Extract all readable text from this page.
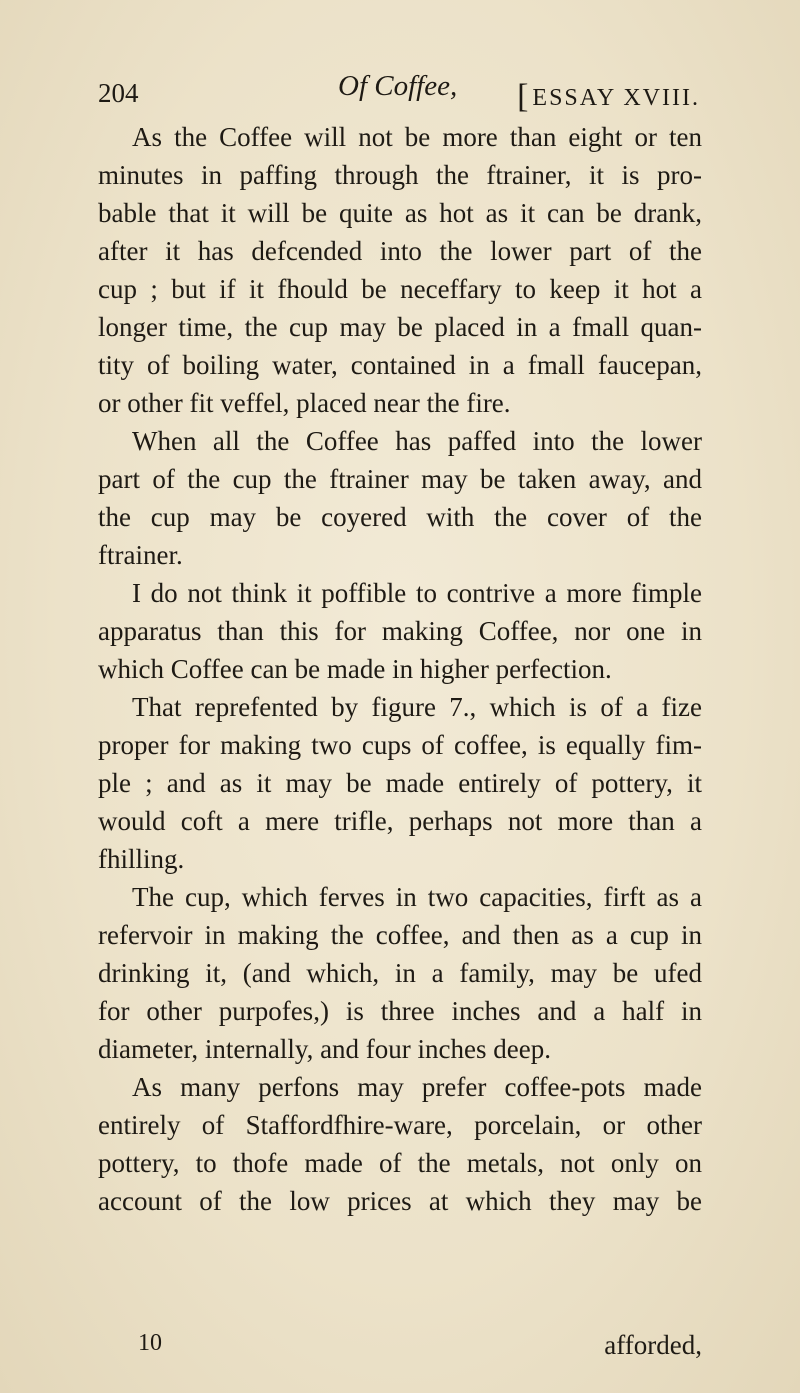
204	Of Coffee, [ESSAY XVIII.
As the Coffee will not be more than eight or ten
minutes in paffing through the ftrainer, it is pro-
bable that it will be quite as hot as it can be drank,
after it has defcended into the lower part of the
cup ; but if it fhould be neceffary to keep it hot a
longer time, the cup may be placed in a fmall quan-
tity of boiling water, contained in a fmall faucepan,
or other fit veffel, placed near the fire.
When all the Coffee has paffed into the lower
part of the cup the ftrainer may be taken away, and
the cup may be coyered with the cover of the
ftrainer.
I do not think it poffible to contrive a more fimple
apparatus than this for making Coffee, nor one in
which Coffee can be made in higher perfection.
That reprefented by figure 7., which is of a fize
proper for making two cups of coffee, is equally fim-
ple ; and as it may be made entirely of pottery, it
would coft a mere trifle, perhaps not more than a
fhilling.
The cup, which ferves in two capacities, firft as a
refervoir in making the coffee, and then as a cup in
drinking it, (and which, in a family, may be ufed
for other purpofes,) is three inches and a half in
diameter, internally, and four inches deep.
As many perfons may prefer coffee-pots made
entirely of Staffordfhire-ware, porcelain, or other
pottery, to thofe made of the metals, not only on
account of the low prices at which they may be
10	afforded,
